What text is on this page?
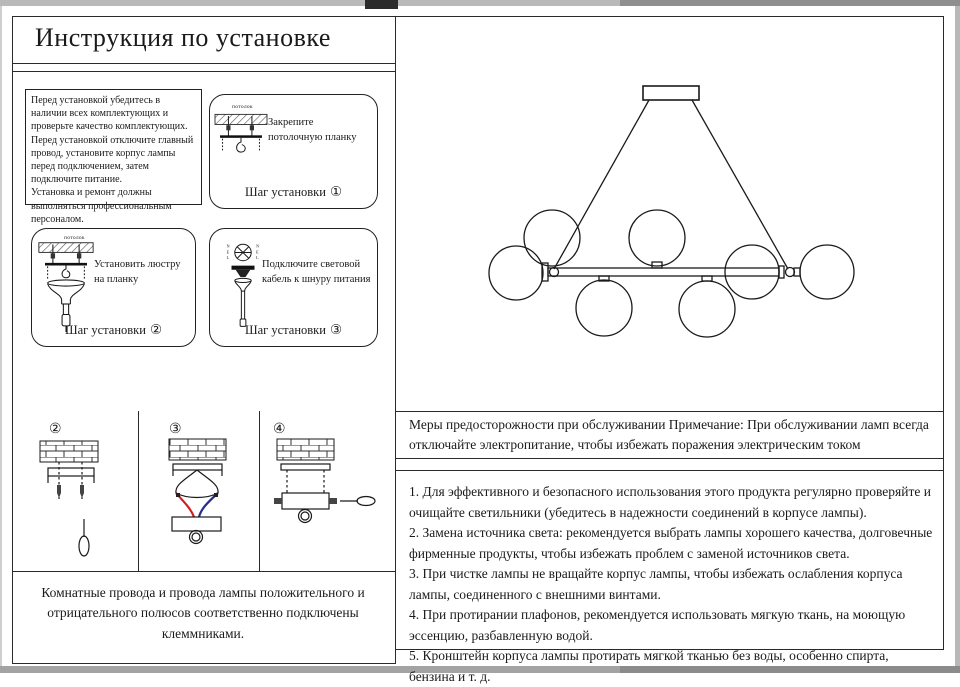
Инструкция по установке
Перед установкой убедитесь в наличии всех комплектующих и проверьте качество комплектующих.
Перед установкой отключите главный провод, установите корпус лампы перед подключением, затем подключите питание.
Установка и ремонт должны выполняться профессиональным персоналом.
потолок
Закрепите потолочную планку
Шаг установки ①
потолок
Установить люстру на планку
Шаг установки ②
N
E
L
N
E
L
Подключите световой кабель к шнуру питания
Шаг установки ③
②	③	④
Комнатные провода и провода лампы положительного и отрицательного полюсов соответственно подключены клеммниками.
Меры предосторожности при обслуживании Примечание: При обслуживании ламп всегда отключайте электропитание, чтобы избежать поражения электрическим током
1. Для эффективного и безопасного использования этого продукта регулярно проверяйте и очищайте светильники (убедитесь в надежности соединений в корпусе лампы).
2. Замена источника света: рекомендуется выбрать лампы хорошего качества, долговечные фирменные продукты, чтобы избежать проблем с заменой источников света.
3. При чистке лампы не вращайте корпус лампы, чтобы избежать ослабления корпуса лампы, соединенного с внешними винтами.
4. При протирании плафонов, рекомендуется использовать мягкую ткань, на моющую эссенцию, разбавленную водой.
5. Кронштейн корпуса лампы протирать мягкой тканью без воды, особенно спирта, бензина и т. д.
